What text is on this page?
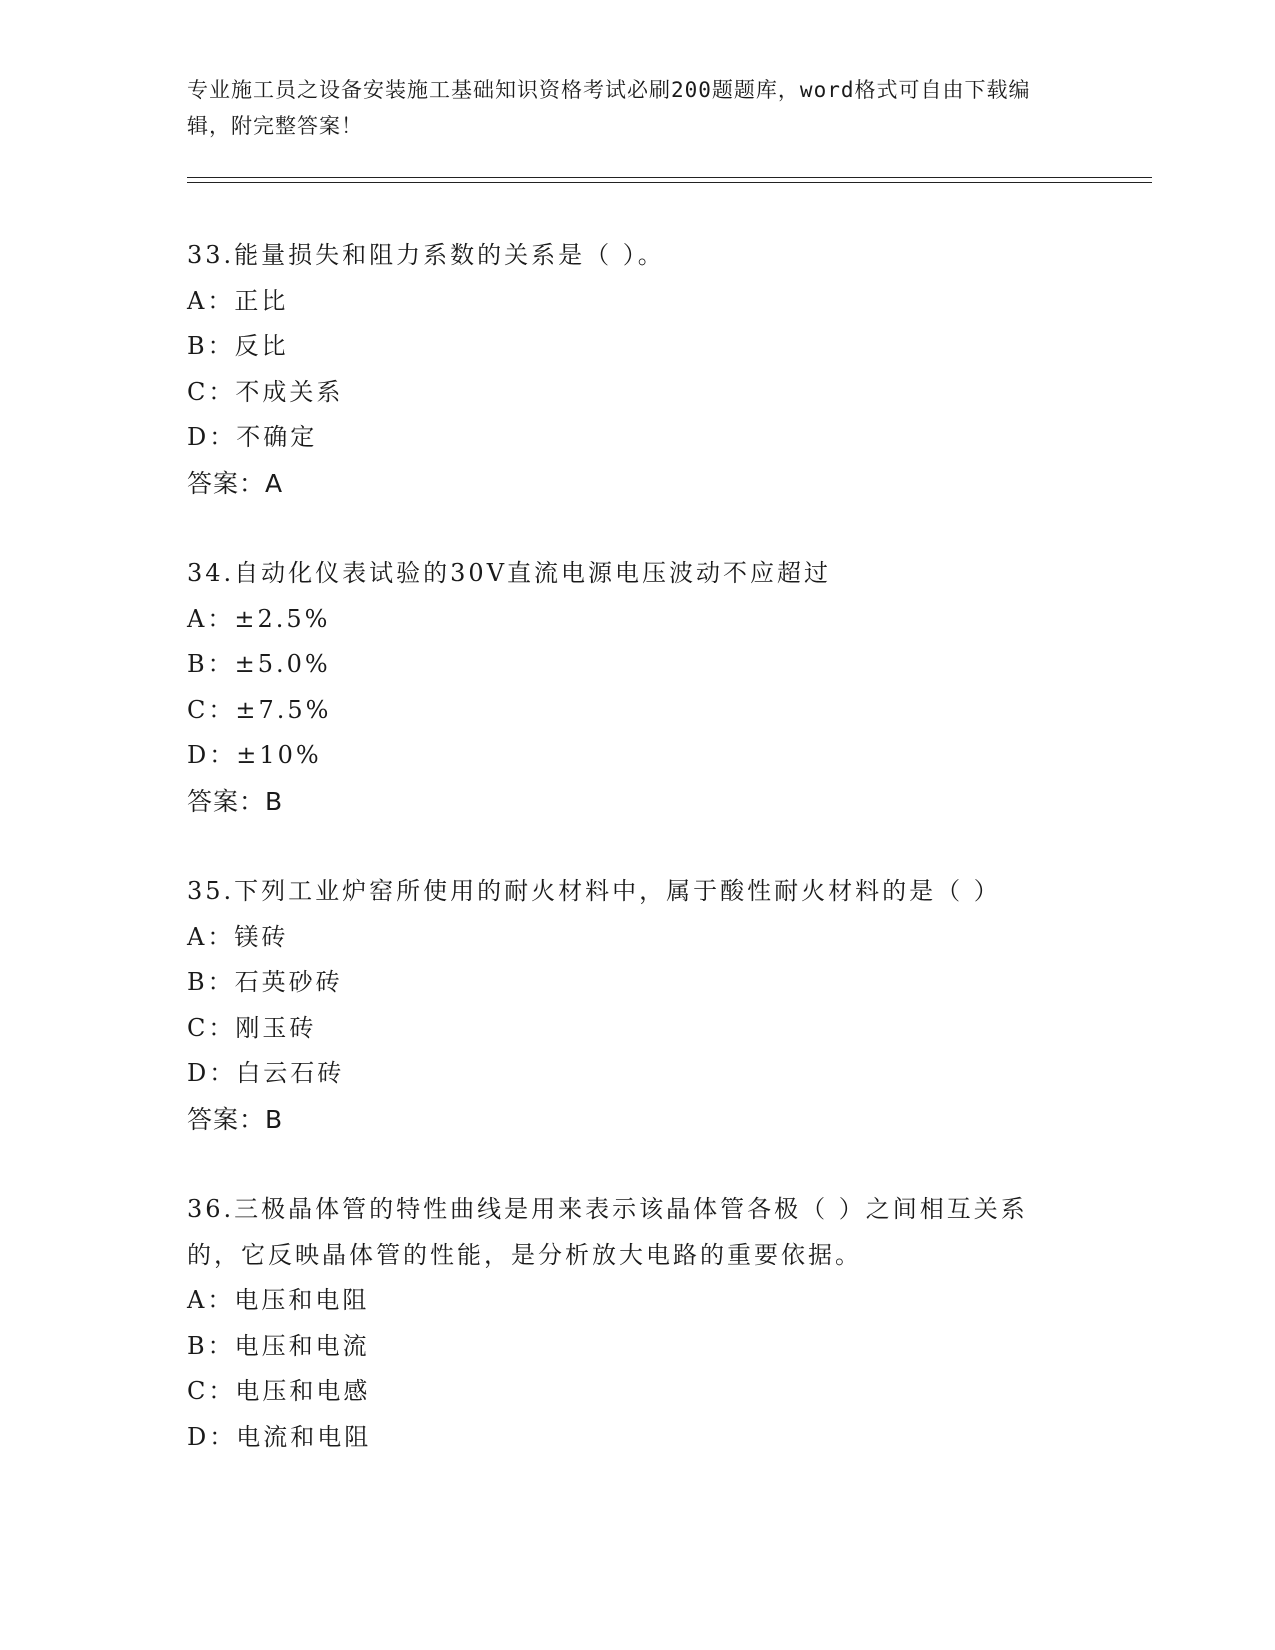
专业施工员之设备安装施工基础知识资格考试必刷200题题库，word格式可自由下载编辑，附完整答案！
33.能量损失和阻力系数的关系是（ ）。
A：正比
B：反比
C：不成关系
D：不确定
答案：A
34.自动化仪表试验的30V直流电源电压波动不应超过
A：±2.5%
B：±5.0%
C：±7.5%
D：±10%
答案：B
35.下列工业炉窑所使用的耐火材料中，属于酸性耐火材料的是（ ）
A：镁砖
B：石英砂砖
C：刚玉砖
D：白云石砖
答案：B
36.三极晶体管的特性曲线是用来表示该晶体管各极（ ）之间相互关系的，它反映晶体管的性能，是分析放大电路的重要依据。
A：电压和电阻
B：电压和电流
C：电压和电感
D：电流和电阻
